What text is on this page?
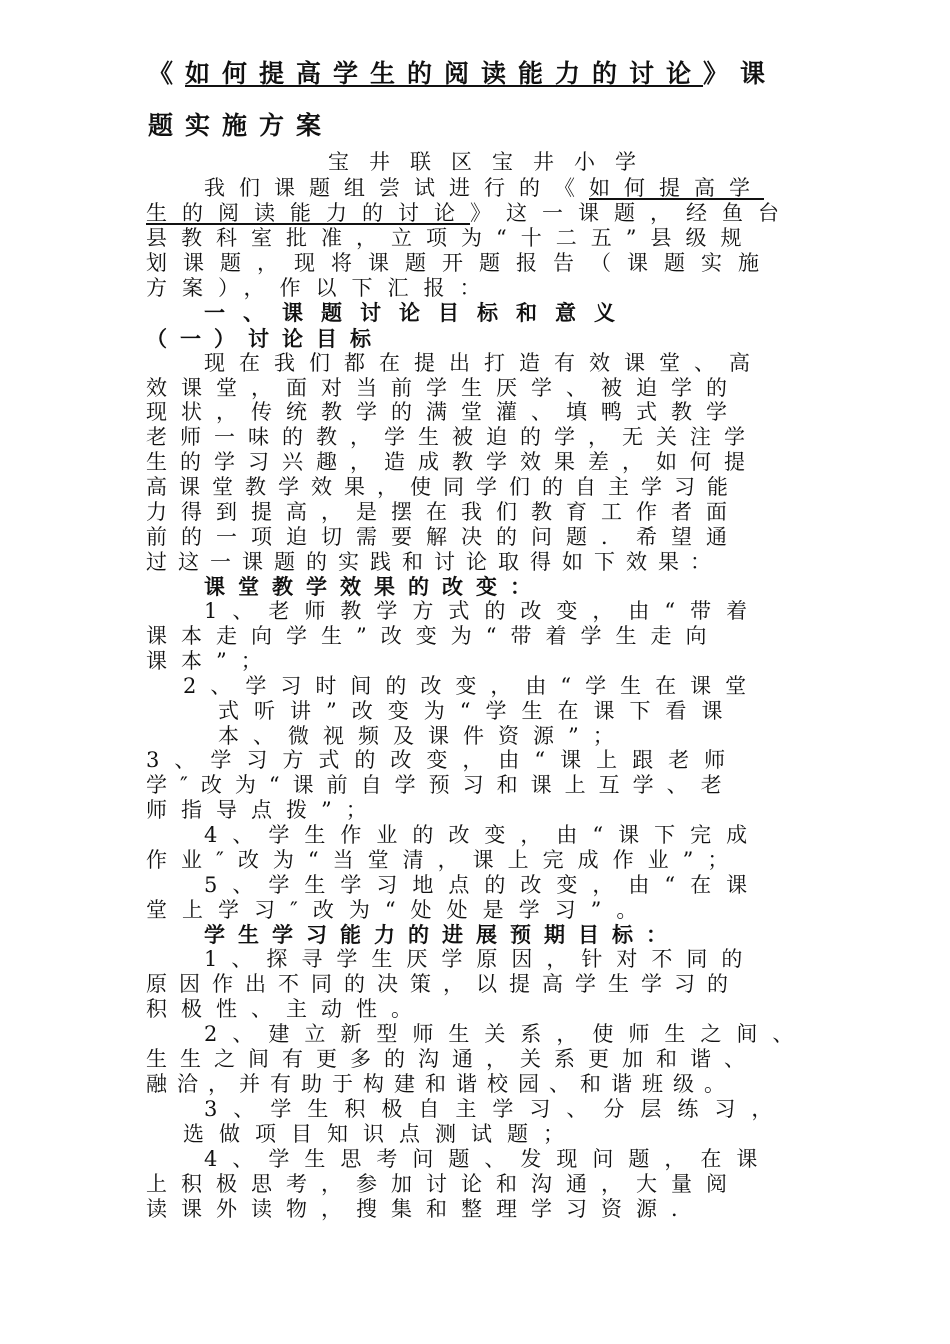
《如何提高学生的阅读能力的讨论》课
题实施方案
宝井联区宝井小学
我们课题组尝试进行的《如何提高学
生的阅读能力的讨论》这一课题，经鱼台
县教科室批准，立项为“十二五”县级规
划课题，现将课题开题报告（课题实施
方案），作以下汇报：
一、课题讨论目标和意义
（一）讨论目标
现在我们都在提出打造有效课堂、高
效课堂，面对当前学生厌学、被迫学的
现状，传统教学的满堂灌、填鸭式教学
老师一味的教，学生被迫的学，无关注学
生的学习兴趣，造成教学效果差，如何提
高课堂教学效果，使同学们的自主学习能
力得到提高，是摆在我们教育工作者面
前的一项迫切需要解决的问题．希望通
过这一课题的实践和讨论取得如下效果：
课堂教学效果的改变：
1、老师教学方式的改变，由“带着
课本走向学生”改变为“带着学生走向
课本”；
2、学习时间的改变，由“学生在课堂
式听讲”改变为“学生在课下看课
本、微视频及课件资源”；
3、学习方式的改变，由“课上跟老师
学″改为“课前自学预习和课上互学、老
师指导点拨”；
4、学生作业的改变，由“课下完成
作业″改为“当堂清，课上完成作业”；
5、学生学习地点的改变，由“在课
堂上学习″改为“处处是学习”。
学生学习能力的进展预期目标：
1、探寻学生厌学原因，针对不同的
原因作出不同的决策，以提高学生学习的
积极性、主动性。
2、建立新型师生关系，使师生之间、
生生之间有更多的沟通，关系更加和谐、
融洽，并有助于构建和谐校园、和谐班级。
3、学生积极自主学习、分层练习，
选做项目知识点测试题；
4、学生思考问题、发现问题，在课
上积极思考，参加讨论和沟通，大量阅
读课外读物，搜集和整理学习资源．
